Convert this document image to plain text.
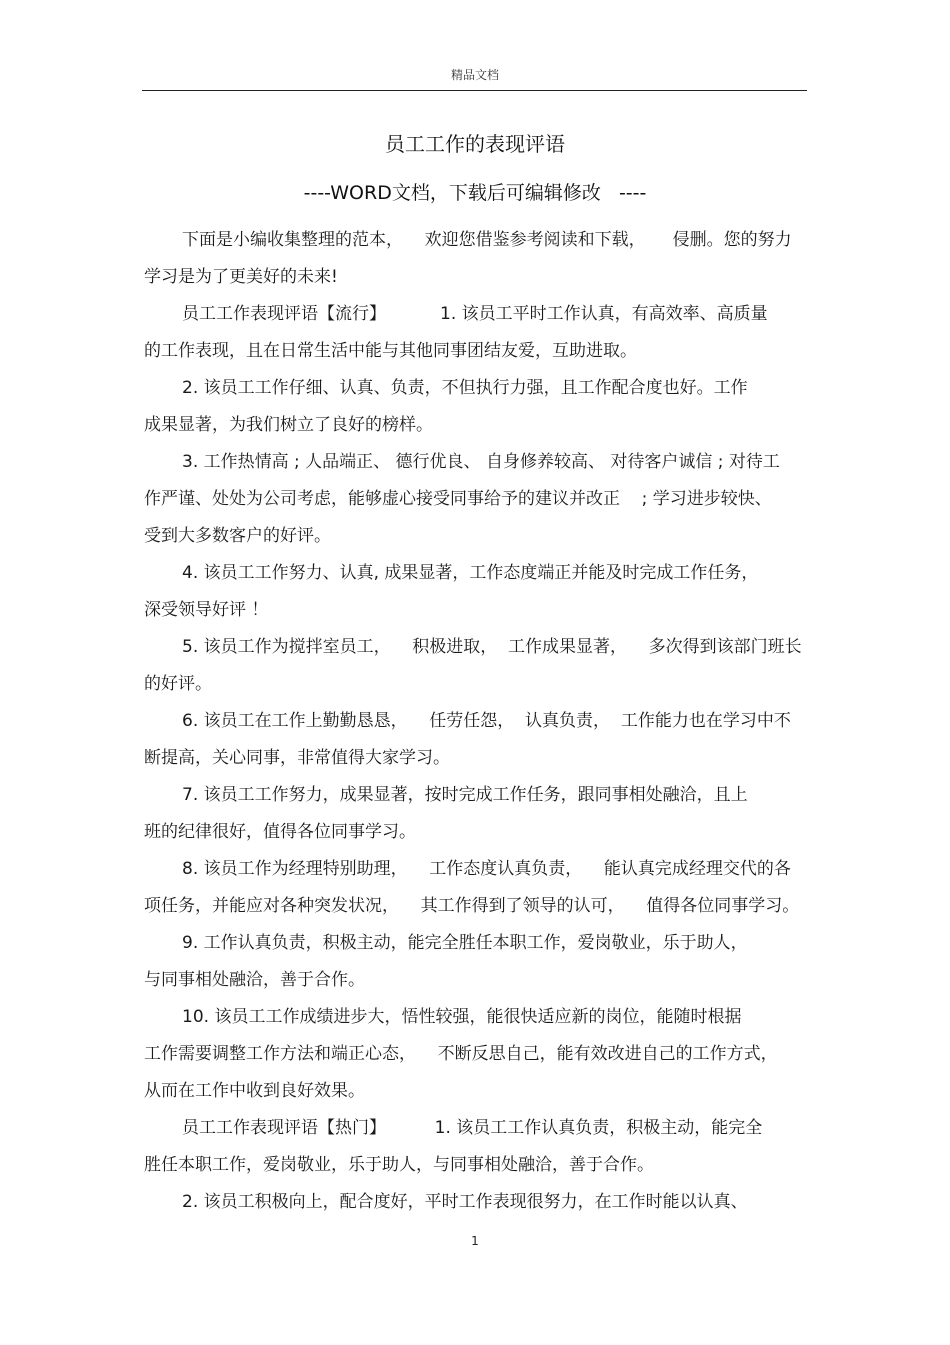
精品文档
员工工作的表现评语
----WORD文档，下载后可编辑修改   ----
下面是小编收集整理的范本，    欢迎您借鉴参考阅读和下载，     侵删。您的努力
学习是为了更美好的未来!
员工工作表现评语【流行】          1. 该员工平时工作认真，有高效率、高质量
的工作表现，且在日常生活中能与其他同事团结友爱，互助进取。
2. 该员工工作仔细、认真、负责，不但执行力强，且工作配合度也好。工作
成果显著，为我们树立了良好的榜样。
3. 工作热情高 ; 人品端正、 德行优良、 自身修养较高、 对待客户诚信 ; 对待工
作严谨、处处为公司考虑，能够虚心接受同事给予的建议并改正    ; 学习进步较快、
受到大多数客户的好评。
4. 该员工工作努力、认真, 成果显著，工作态度端正并能及时完成工作任务，
深受领导好评 ！
5. 该员工作为搅拌室员工，    积极进取，  工作成果显著，    多次得到该部门班长
的好评。
6. 该员工在工作上勤勤恳恳，    任劳任怨，  认真负责，  工作能力也在学习中不
断提高，关心同事，非常值得大家学习。
7. 该员工工作努力，成果显著，按时完成工作任务，跟同事相处融洽，且上
班的纪律很好，值得各位同事学习。
8. 该员工作为经理特别助理，    工作态度认真负责，    能认真完成经理交代的各
项任务，并能应对各种突发状况，    其工作得到了领导的认可，    值得各位同事学习。
9. 工作认真负责，积极主动，能完全胜任本职工作，爱岗敬业，乐于助人，
与同事相处融洽，善于合作。
10. 该员工工作成绩进步大，悟性较强，能很快适应新的岗位，能随时根据
工作需要调整工作方法和端正心态，    不断反思自己，能有效改进自己的工作方式，
从而在工作中收到良好效果。
员工工作表现评语【热门】         1. 该员工工作认真负责，积极主动，能完全
胜任本职工作，爱岗敬业，乐于助人，与同事相处融洽，善于合作。
2. 该员工积极向上，配合度好，平时工作表现很努力，在工作时能以认真、
1
